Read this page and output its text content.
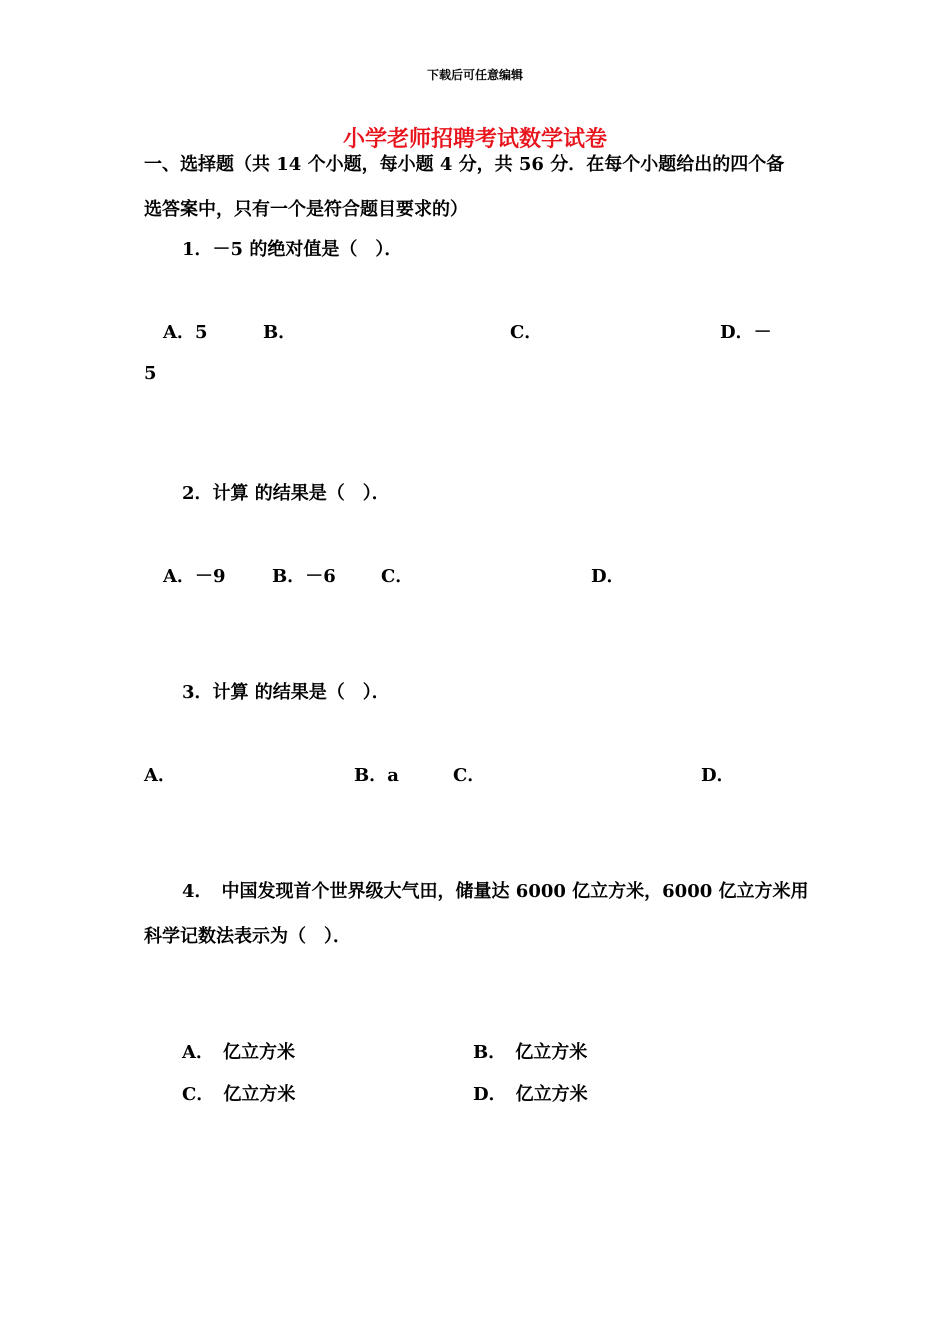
下载后可任意编辑
小学老师招聘考试数学试卷
一、选择题（共 14 个小题，每小题 4 分，共 56 分．在每个小题给出的四个备
选答案中，只有一个是符合题目要求的）
1．－5 的绝对值是（　）．
A．5	B．	C．	D．－
5
2．计算 的结果是（　）．
A．－9	B．－6	C．	D．
3．计算 的结果是（　）．
A．	B．a	C．	D．
4．　中国发现首个世界级大气田，储量达 6000 亿立方米，6000 亿立方米用
科学记数法表示为（　）．
A．　亿立方米	B．　亿立方米
C．　亿立方米	D．　亿立方米
